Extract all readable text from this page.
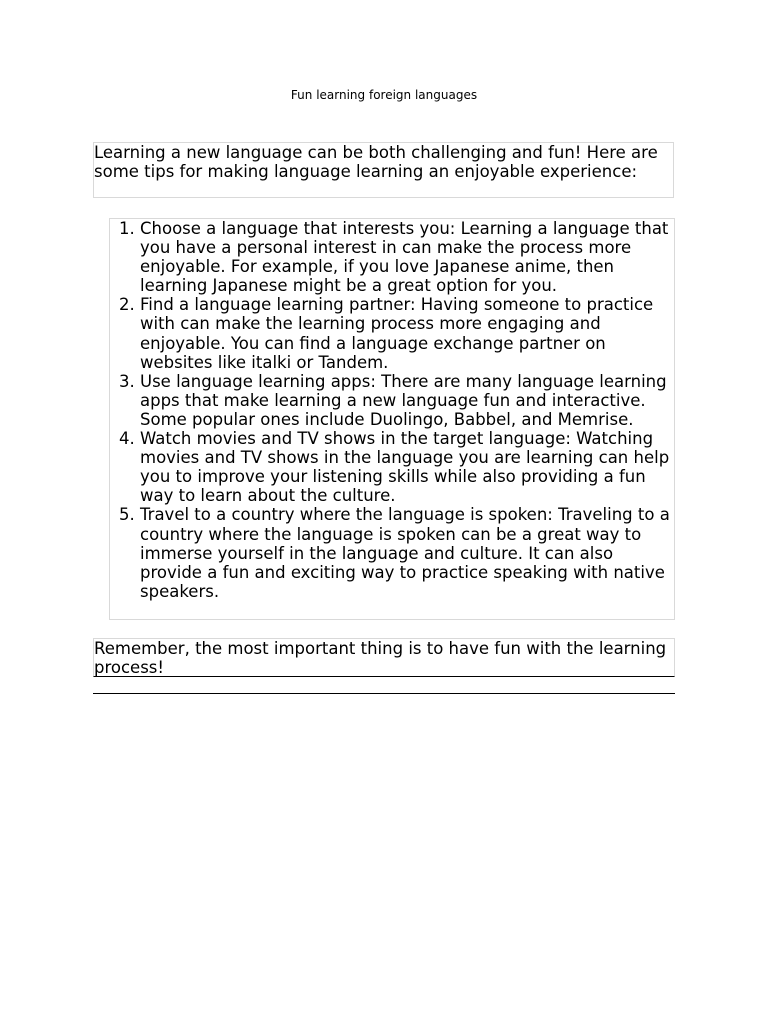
Fun learning foreign languages

Learning a new language can be both challenging and fun! Here are some tips for making language learning an enjoyable experience:

1. Choose a language that interests you: Learning a language that you have a personal interest in can make the process more enjoyable. For example, if you love Japanese anime, then learning Japanese might be a great option for you.
2. Find a language learning partner: Having someone to practice with can make the learning process more engaging and enjoyable. You can find a language exchange partner on websites like italki or Tandem.
3. Use language learning apps: There are many language learning apps that make learning a new language fun and interactive. Some popular ones include Duolingo, Babbel, and Memrise.
4. Watch movies and TV shows in the target language: Watching movies and TV shows in the language you are learning can help you to improve your listening skills while also providing a fun way to learn about the culture.
5. Travel to a country where the language is spoken: Traveling to a country where the language is spoken can be a great way to immerse yourself in the language and culture. It can also provide a fun and exciting way to practice speaking with native speakers.

Remember, the most important thing is to have fun with the learning process!
